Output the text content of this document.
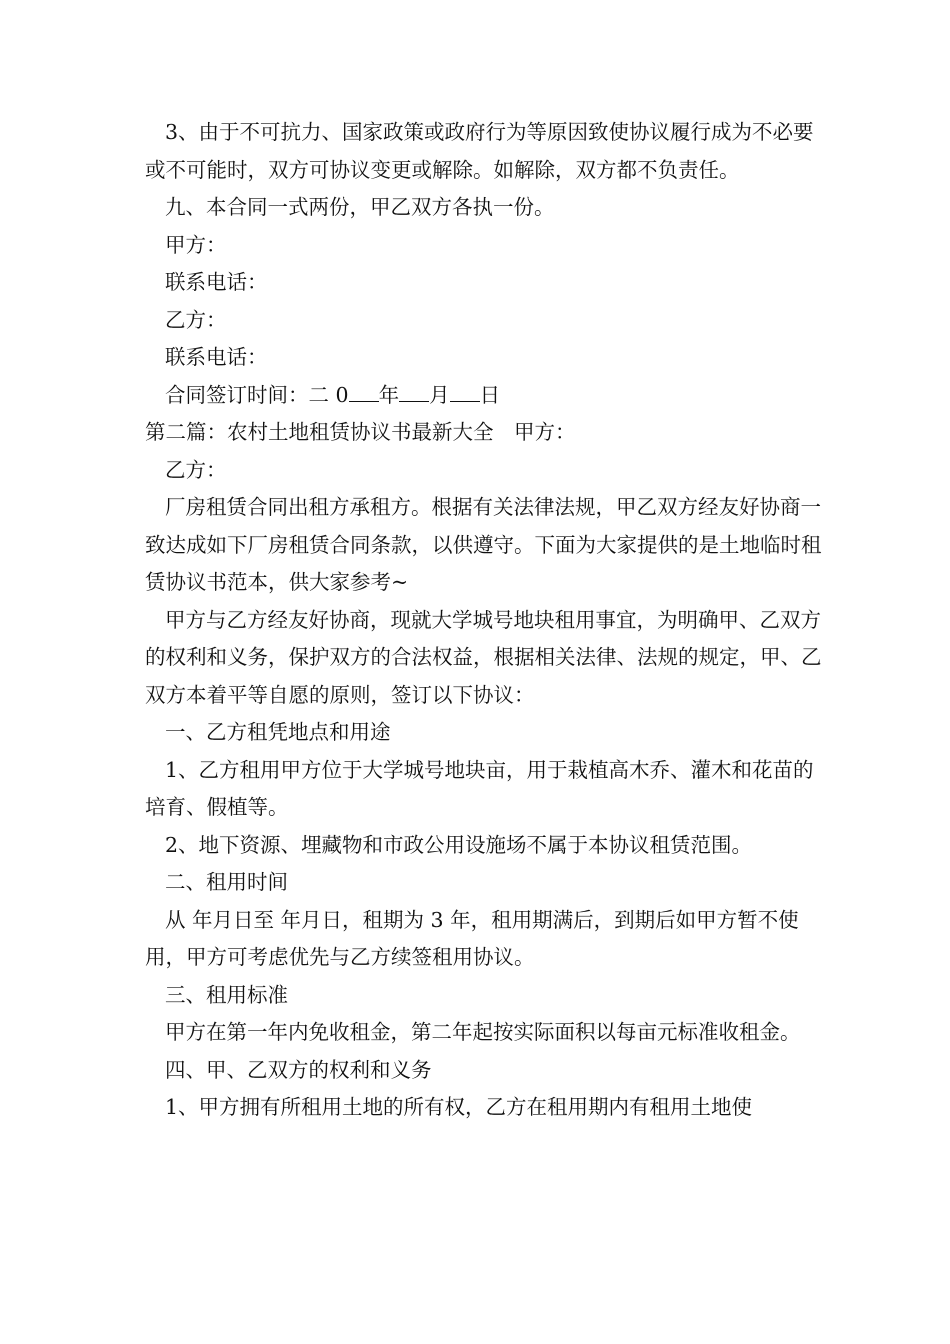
3、由于不可抗力、国家政策或政府行为等原因致使协议履行成为不必要或不可能时，双方可协议变更或解除。如解除，双方都不负责任。

九、本合同一式两份，甲乙双方各执一份。

甲方：

联系电话：

乙方：

联系电话：

合同签订时间：二 0 年 月 日

第二篇：农村土地租赁协议书最新大全　甲方：

乙方：

厂房租赁合同出租方承租方。根据有关法律法规，甲乙双方经友好协商一致达成如下厂房租赁合同条款，以供遵守。下面为大家提供的是土地临时租赁协议书范本，供大家参考~

甲方与乙方经友好协商，现就大学城号地块租用事宜，为明确甲、乙双方的权利和义务，保护双方的合法权益，根据相关法律、法规的规定，甲、乙双方本着平等自愿的原则，签订以下协议：

一、乙方租凭地点和用途

1、乙方租用甲方位于大学城号地块亩，用于栽植高木乔、灌木和花苗的培育、假植等。

2、地下资源、埋藏物和市政公用设施场不属于本协议租赁范围。

二、租用时间

从 年月日至 年月日，租期为 3 年，租用期满后，到期后如甲方暂不使用，甲方可考虑优先与乙方续签租用协议。

三、租用标准

甲方在第一年内免收租金，第二年起按实际面积以每亩元标准收租金。

四、甲、乙双方的权利和义务

1、甲方拥有所租用土地的所有权，乙方在租用期内有租用土地使
